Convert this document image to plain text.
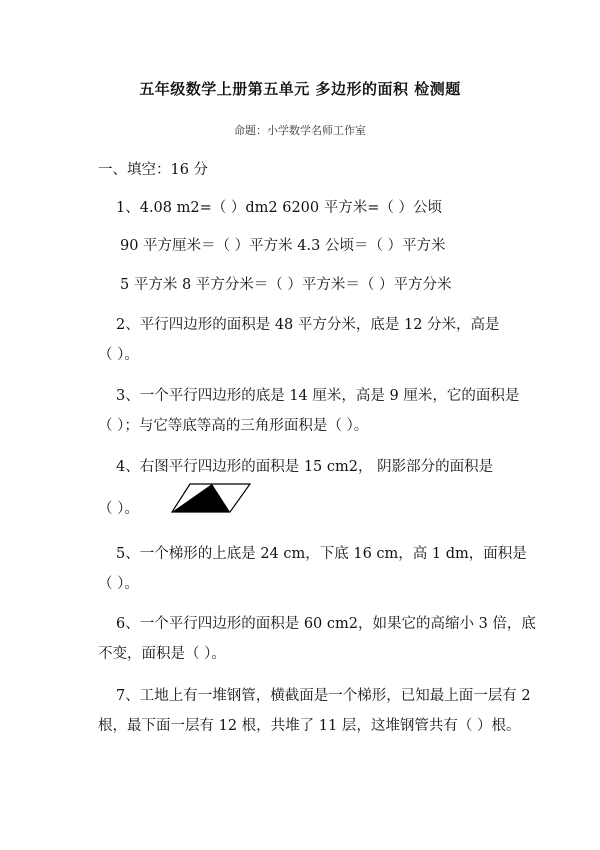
五年级数学上册第五单元 多边形的面积 检测题
命题：小学数学名师工作室
一、填空：16 分
1、4.08 m2=（ ）dm2 6200 平方米=（ ）公顷
90 平方厘米＝（ ）平方米 4.3 公顷＝（ ）平方米
5 平方米 8 平方分米＝（ ）平方米＝（ ）平方分米
2、平行四边形的面积是 48 平方分米，底是 12 分米，高是
（ ）。
3、一个平行四边形的底是 14 厘米，高是 9 厘米，它的面积是
（ ）；与它等底等高的三角形面积是（ ）。
4、右图平行四边形的面积是 15 cm2， 阴影部分的面积是
（ ）。
5、一个梯形的上底是 24 cm，下底 16 cm，高 1 dm，面积是
（ ）。
6、一个平行四边形的面积是 60 cm2，如果它的高缩小 3 倍，底
不变，面积是（ ）。
7、工地上有一堆钢管，横截面是一个梯形，已知最上面一层有 2
根，最下面一层有 12 根，共堆了 11 层，这堆钢管共有（ ）根。
